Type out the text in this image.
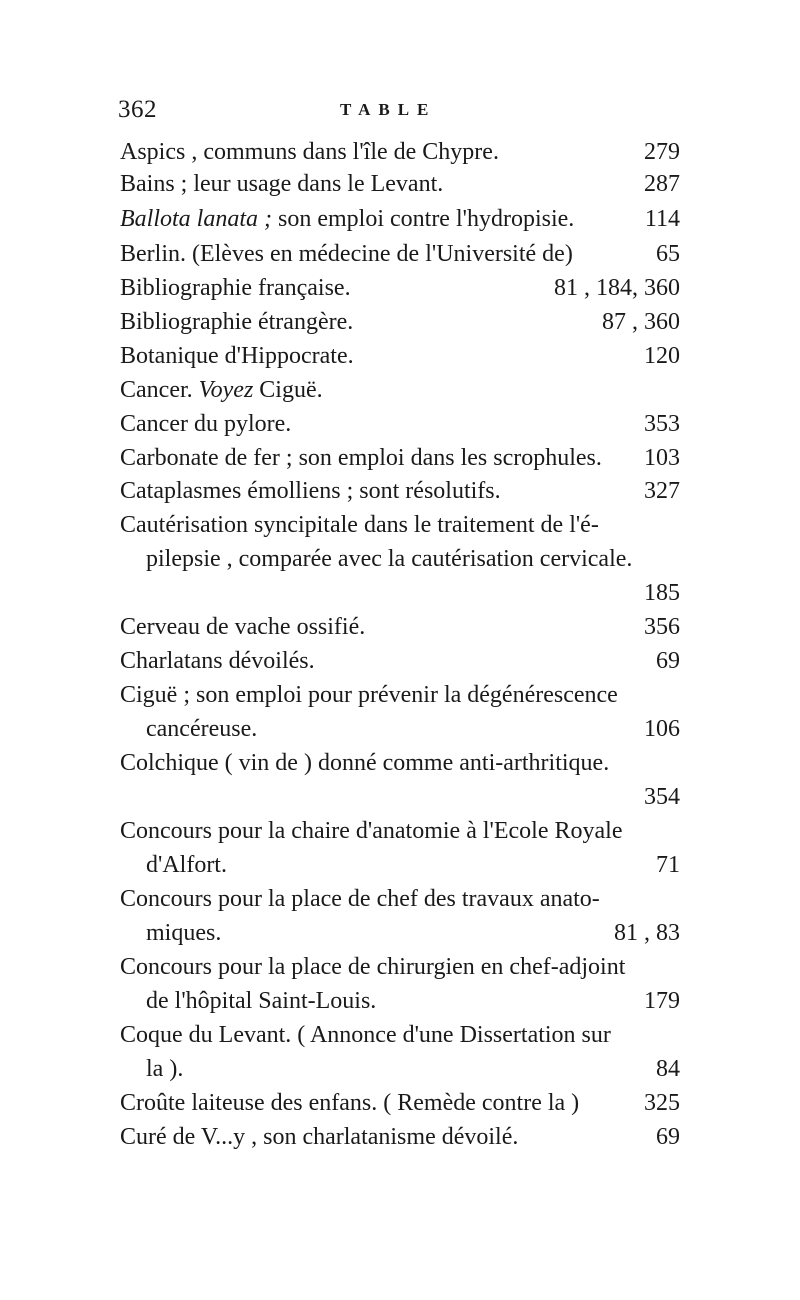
362	TABLE
Aspics , communs dans l'île de Chypre.	279
Bains ; leur usage dans le Levant.	287
Ballota lanata ; son emploi contre l'hydropisie.	114
Berlin. (Elèves en médecine de l'Université de)	65
Bibliographie française.	81 , 184, 360
Bibliographie étrangère.	87 , 360
Botanique d'Hippocrate.	120
Cancer. Voyez Ciguë.
Cancer du pylore.	353
Carbonate de fer ; son emploi dans les scrophules. 103
Cataplasmes émolliens ; sont résolutifs.	327
Cautérisation syncipitale dans le traitement de l'é-
pilepsie , comparée avec la cautérisation cervicale.
185
Cerveau de vache ossifié.	356
Charlatans dévoilés.	69
Ciguë ; son emploi pour prévenir la dégénérescence
cancéreuse.	106
Colchique ( vin de ) donné comme anti-arthritique.
354
Concours pour la chaire d'anatomie à l'Ecole Royale
d'Alfort.	71
Concours pour la place de chef des travaux anato-
miques.	81 , 83
Concours pour la place de chirurgien en chef-adjoint
de l'hôpital Saint-Louis.	179
Coque du Levant. ( Annonce d'une Dissertation sur
la ).	84
Croûte laiteuse des enfans. ( Remède contre la )	325
Curé de V...y , son charlatanisme dévoilé.	69
